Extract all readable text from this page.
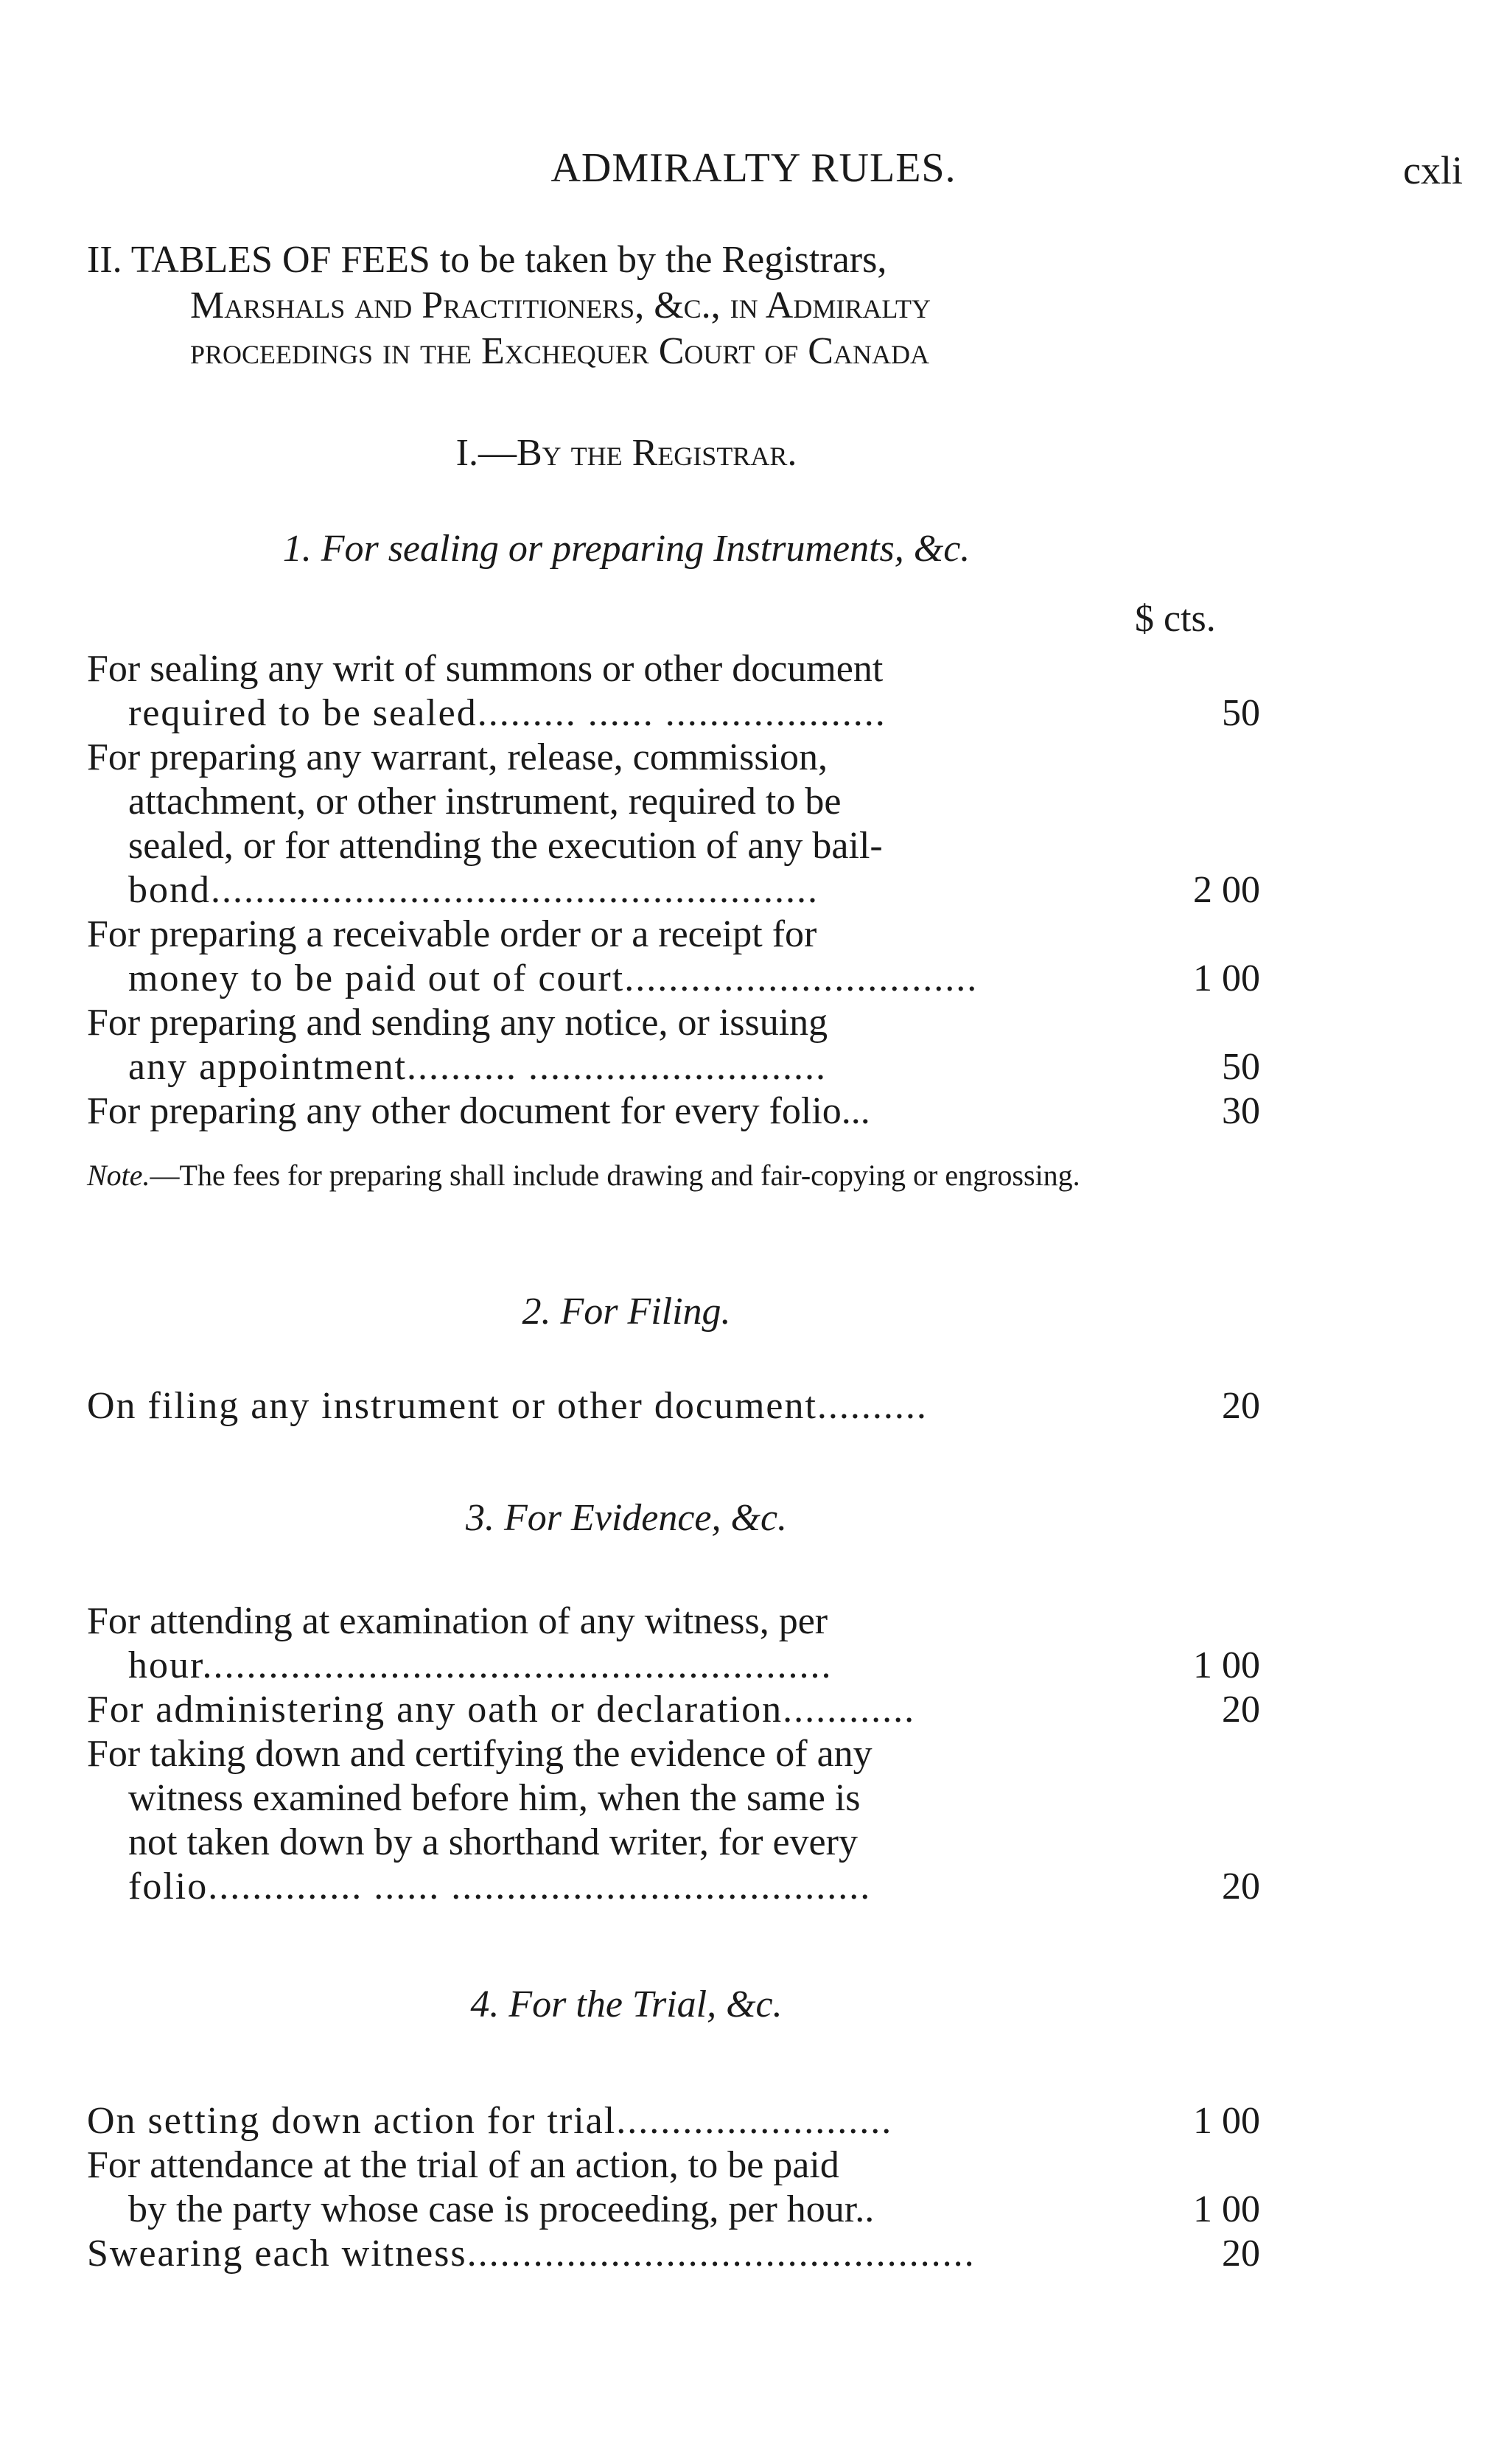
ADMIRALTY RULES.	cxli
II. TABLES OF FEES to be taken by the Registrars,
Marshals and Practitioners, &c., in Admiralty
proceedings in the Exchequer Court of Canada
I.—By the Registrar.
1. For sealing or preparing Instruments, &c.
$ cts.
For sealing any writ of summons or other document
required to be sealed......... ...... ....................	50
For preparing any warrant, release, commission,
attachment, or other instrument, required to be
sealed, or for attending the execution of any bail-
bond.......................................................	2 00
For preparing a receivable order or a receipt for
money to be paid out of court................................	1 00
For preparing and sending any notice, or issuing
any appointment.......... ...........................	50
For preparing any other document for every folio...	30
Note.—The fees for preparing shall include drawing and fair-copying or engrossing.
2. For Filing.
On filing any instrument or other document..........	20
3. For Evidence, &c.
For attending at examination of any witness, per
hour.........................................................	1 00
For administering any oath or declaration............	20
For taking down and certifying the evidence of any
witness examined before him, when the same is
not taken down by a shorthand writer, for every
folio.............. ...... ......................................	20
4. For the Trial, &c.
On setting down action for trial.........................	1 00
For attendance at the trial of an action, to be paid
by the party whose case is proceeding, per hour..	1 00
Swearing each witness..............................................	20
